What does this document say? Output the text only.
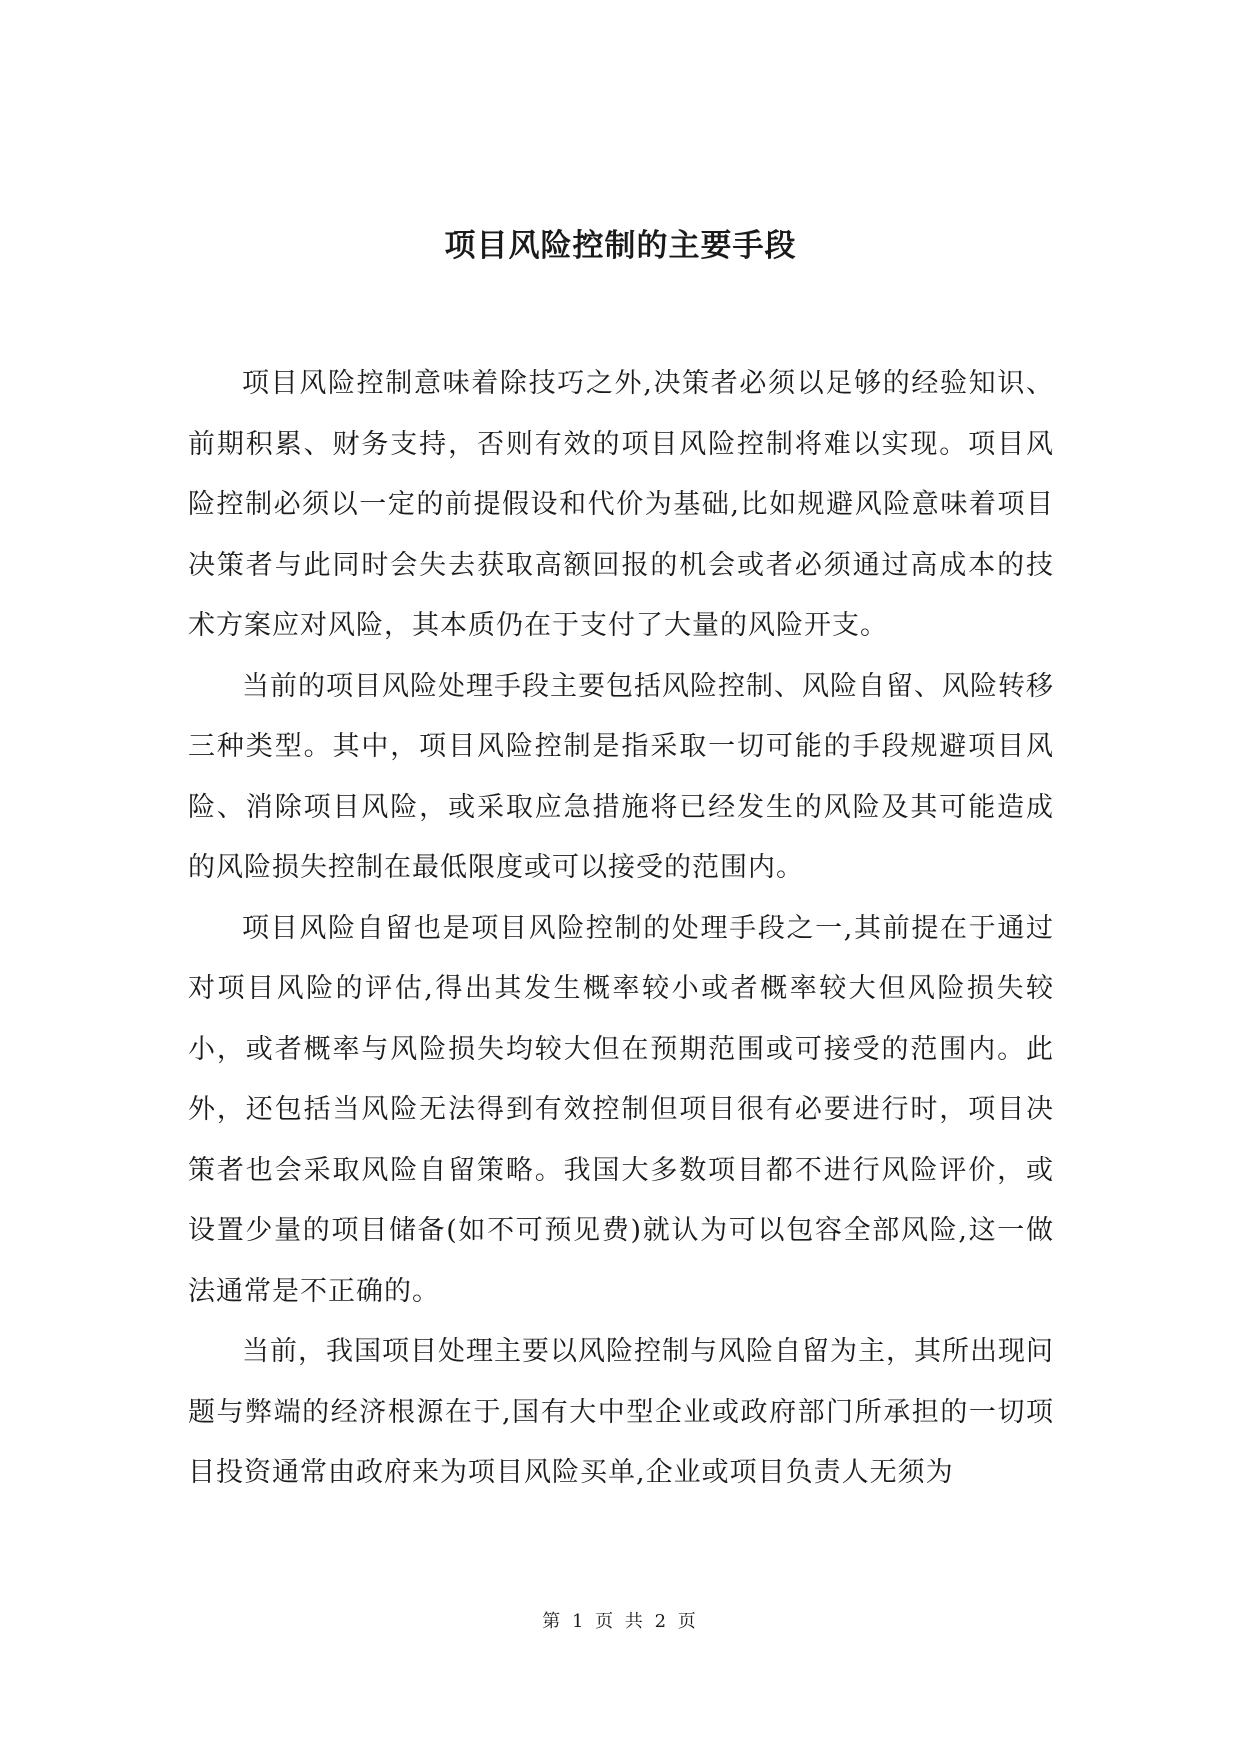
项目风险控制的主要手段

项目风险控制意味着除技巧之外,决策者必须以足够的经验知识、前期积累、财务支持，否则有效的项目风险控制将难以实现。项目风险控制必须以一定的前提假设和代价为基础,比如规避风险意味着项目决策者与此同时会失去获取高额回报的机会或者必须通过高成本的技术方案应对风险，其本质仍在于支付了大量的风险开支。

当前的项目风险处理手段主要包括风险控制、风险自留、风险转移三种类型。其中，项目风险控制是指采取一切可能的手段规避项目风险、消除项目风险，或采取应急措施将已经发生的风险及其可能造成的风险损失控制在最低限度或可以接受的范围内。

项目风险自留也是项目风险控制的处理手段之一,其前提在于通过对项目风险的评估,得出其发生概率较小或者概率较大但风险损失较小，或者概率与风险损失均较大但在预期范围或可接受的范围内。此外，还包括当风险无法得到有效控制但项目很有必要进行时，项目决策者也会采取风险自留策略。我国大多数项目都不进行风险评价，或设置少量的项目储备(如不可预见费)就认为可以包容全部风险,这一做法通常是不正确的。

当前，我国项目处理主要以风险控制与风险自留为主，其所出现问题与弊端的经济根源在于,国有大中型企业或政府部门所承担的一切项目投资通常由政府来为项目风险买单,企业或项目负责人无须为

第 1 页 共 2 页
